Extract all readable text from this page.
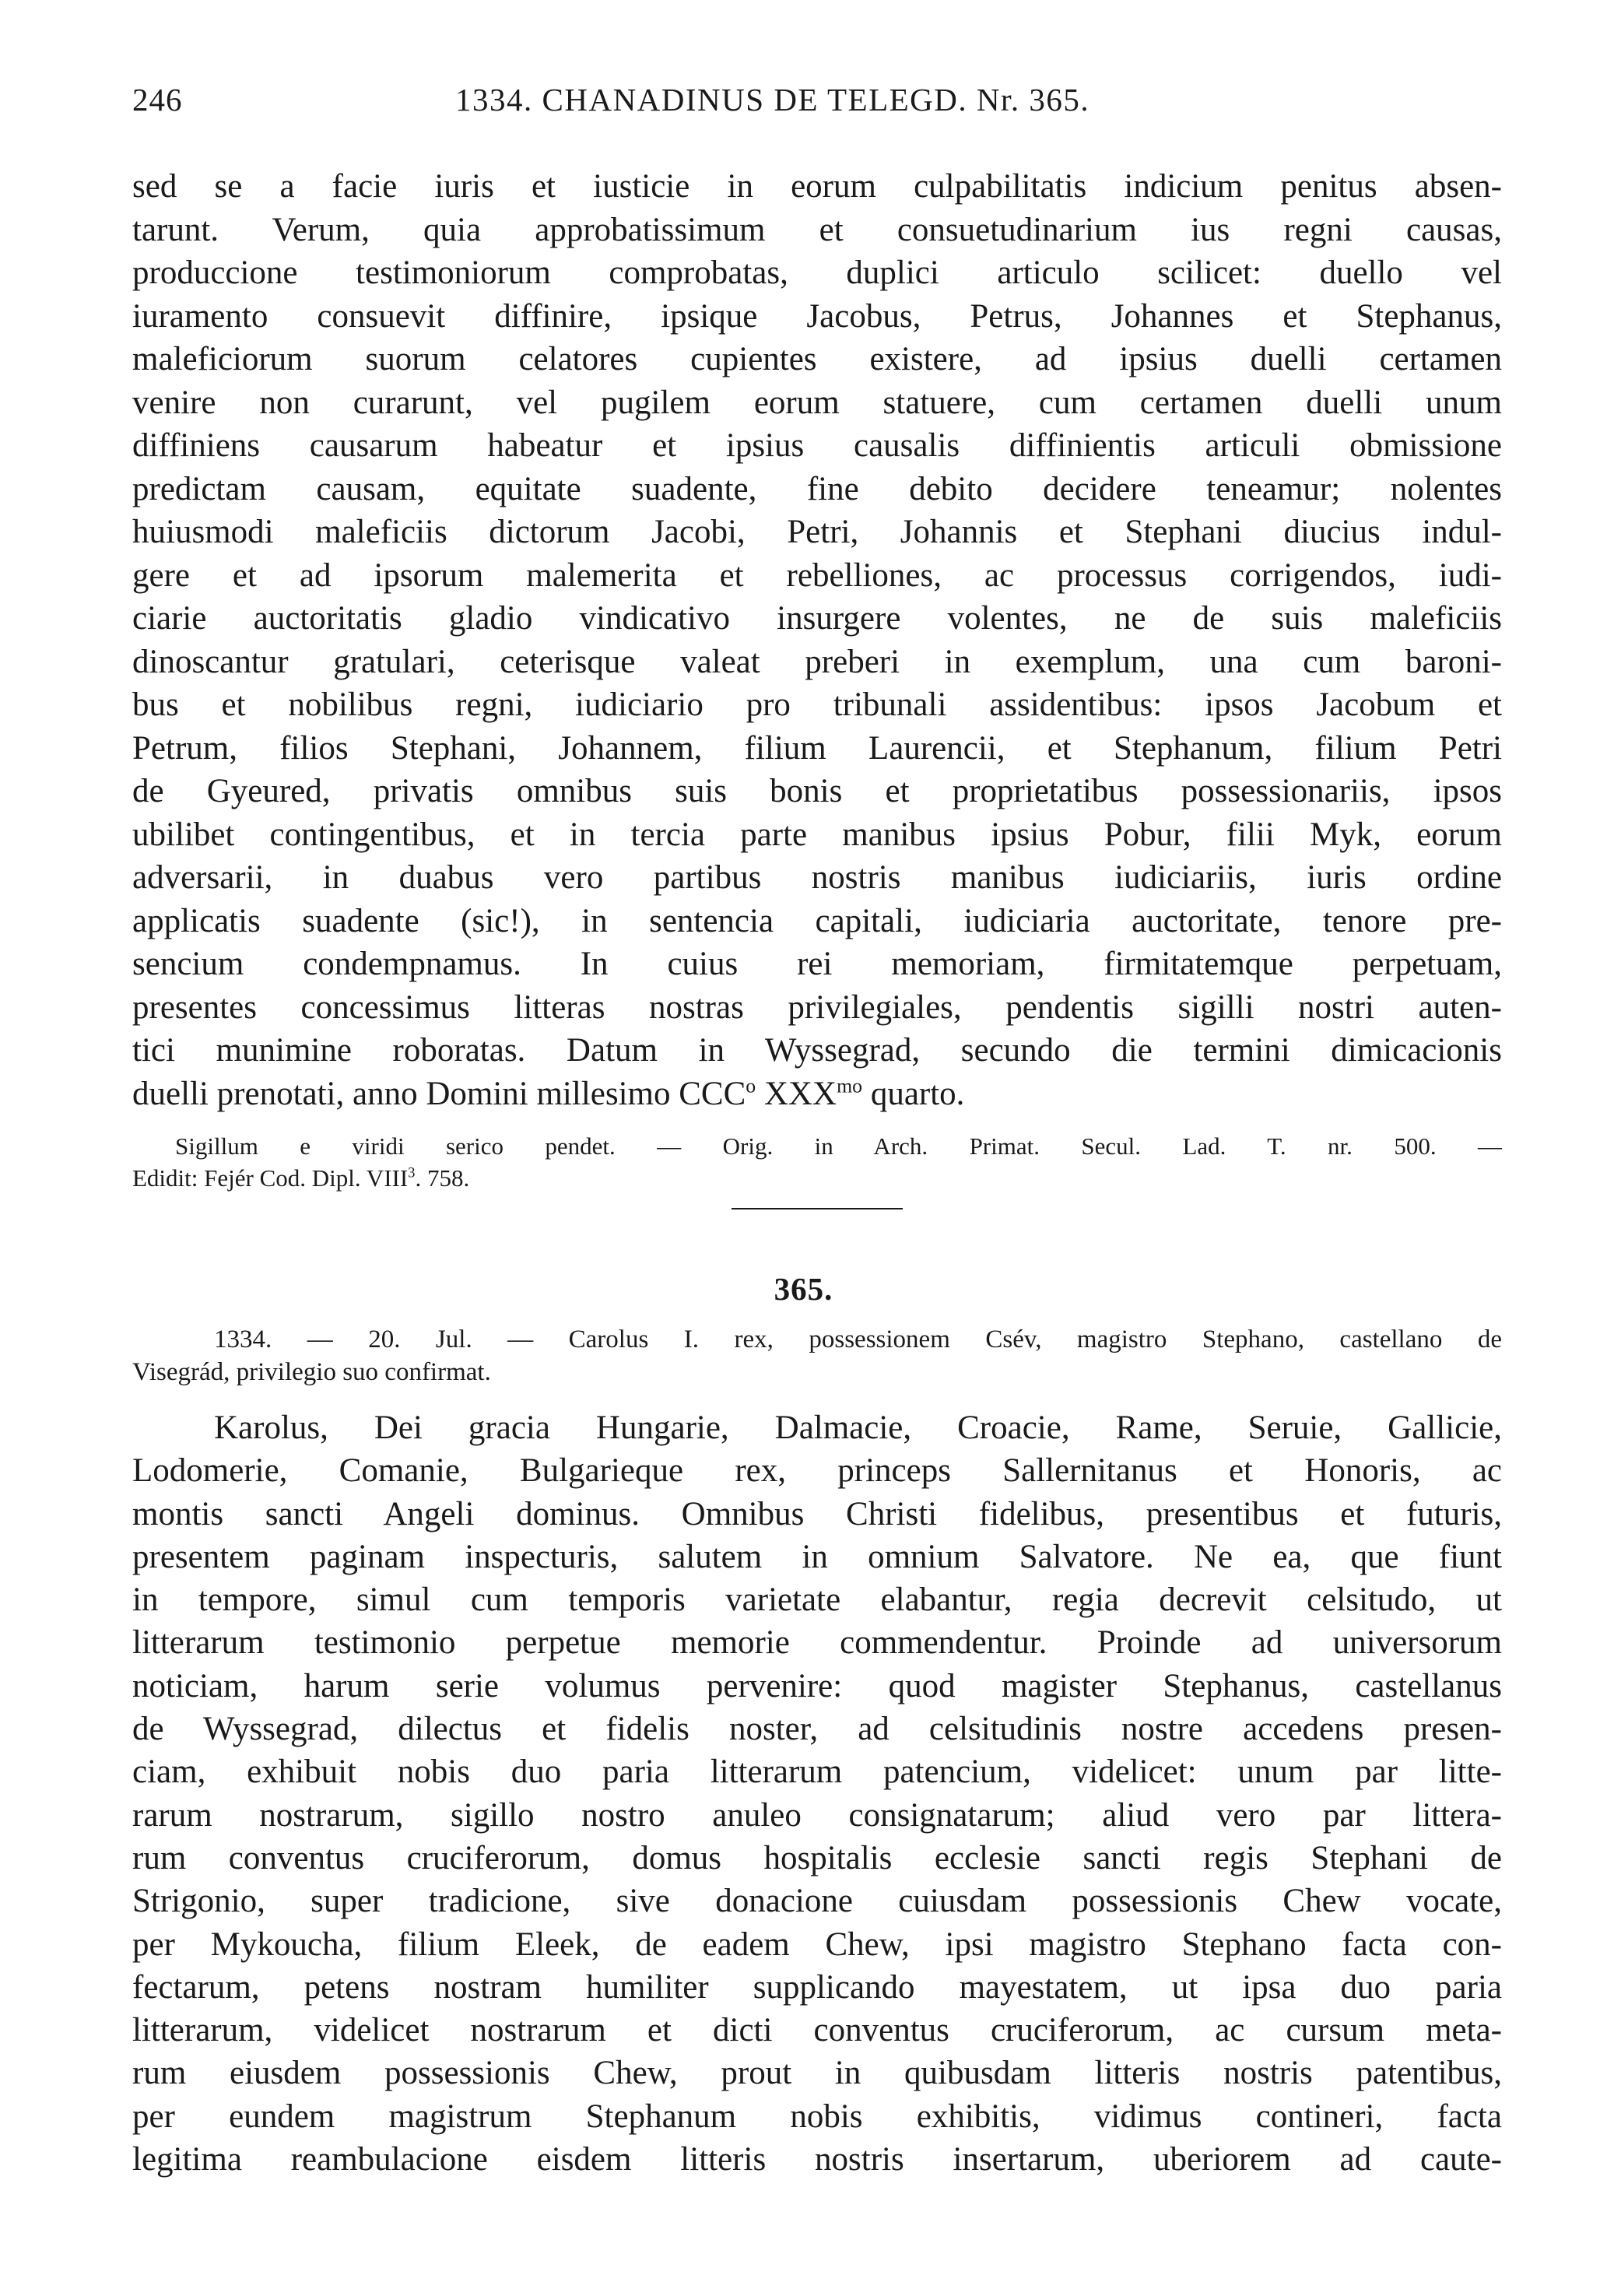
246	1334. CHANADINUS DE TELEGD. Nr. 365.
sed se a facie iuris et iusticie in eorum culpabilitatis indicium penitus absen-
tarunt. Verum, quia approbatissimum et consuetudinarium ius regni causas,
produccione testimoniorum comprobatas, duplici articulo scilicet: duello vel
iuramento consuevit diffinire, ipsique Jacobus, Petrus, Johannes et Stephanus,
maleficiorum suorum celatores cupientes existere, ad ipsius duelli certamen
venire non curarunt, vel pugilem eorum statuere, cum certamen duelli unum
diffiniens causarum habeatur et ipsius causalis diffinientis articuli obmissione
predictam causam, equitate suadente, fine debito decidere teneamur; nolentes
huiusmodi maleficiis dictorum Jacobi, Petri, Johannis et Stephani diucius indul-
gere et ad ipsorum malemerita et rebelliones, ac processus corrigendos, iudi-
ciarie auctoritatis gladio vindicativo insurgere volentes, ne de suis maleficiis
dinoscantur gratulari, ceterisque valeat preberi in exemplum, una cum baroni-
bus et nobilibus regni, iudiciario pro tribunali assidentibus: ipsos Jacobum et
Petrum, filios Stephani, Johannem, filium Laurencii, et Stephanum, filium Petri
de Gyeured, privatis omnibus suis bonis et proprietatibus possessionariis, ipsos
ubilibet contingentibus, et in tercia parte manibus ipsius Pobur, filii Myk, eorum
adversarii, in duabus vero partibus nostris manibus iudiciariis, iuris ordine
applicatis suadente (sic!), in sentencia capitali, iudiciaria auctoritate, tenore pre-
sencium condempnamus. In cuius rei memoriam, firmitatemque perpetuam,
presentes concessimus litteras nostras privilegiales, pendentis sigilli nostri auten-
tici munimine roboratas. Datum in Wyssegrad, secundo die termini dimicacionis
duelli prenotati, anno Domini millesimo CCC$^o$ $XXX^{mo}$ quarto.
Sigillum e viridi serico pendet. — Orig. in Arch. Primat. Secul. Lad. T. nr. 500. —
Edidit: Fejér Cod. Dipl. VIII$^3$. 758.
365.
1334. — 20. Jul. — Carolus I. rex, possessionem Csév, magistro Stephano, castellano de
Visegrád, privilegio suo confirmat.
Karolus, Dei gracia Hungarie, Dalmacie, Croacie, Rame, Seruie, Gallicie,
Lodomerie, Comanie, Bulgarieque rex, princeps Sallernitanus et Honoris, ac
montis sancti Angeli dominus. Omnibus Christi fidelibus, presentibus et futuris,
presentem paginam inspecturis, salutem in omnium Salvatore. Ne ea, que fiunt
in tempore, simul cum temporis varietate elabantur, regia decrevit celsitudo, ut
litterarum testimonio perpetue memorie commendentur. Proinde ad universorum
noticiam, harum serie volumus pervenire: quod magister Stephanus, castellanus
de Wyssegrad, dilectus et fidelis noster, ad celsitudinis nostre accedens presen-
ciam, exhibuit nobis duo paria litterarum patencium, videlicet: unum par litte-
rarum nostrarum, sigillo nostro anuleo consignatarum; aliud vero par littera-
rum conventus cruciferorum, domus hospitalis ecclesie sancti regis Stephani de
Strigonio, super tradicione, sive donacione cuiusdam possessionis Chew vocate,
per Mykoucha, filium Eleek, de eadem Chew, ipsi magistro Stephano facta con-
fectarum, petens nostram humiliter supplicando mayestatem, ut ipsa duo paria
litterarum, videlicet nostrarum et dicti conventus cruciferorum, ac cursum meta-
rum eiusdem possessionis Chew, prout in quibusdam litteris nostris patentibus,
per eundem magistrum Stephanum nobis exhibitis, vidimus contineri, facta
legitima reambulacione eisdem litteris nostris insertarum, uberiorem ad caute-
